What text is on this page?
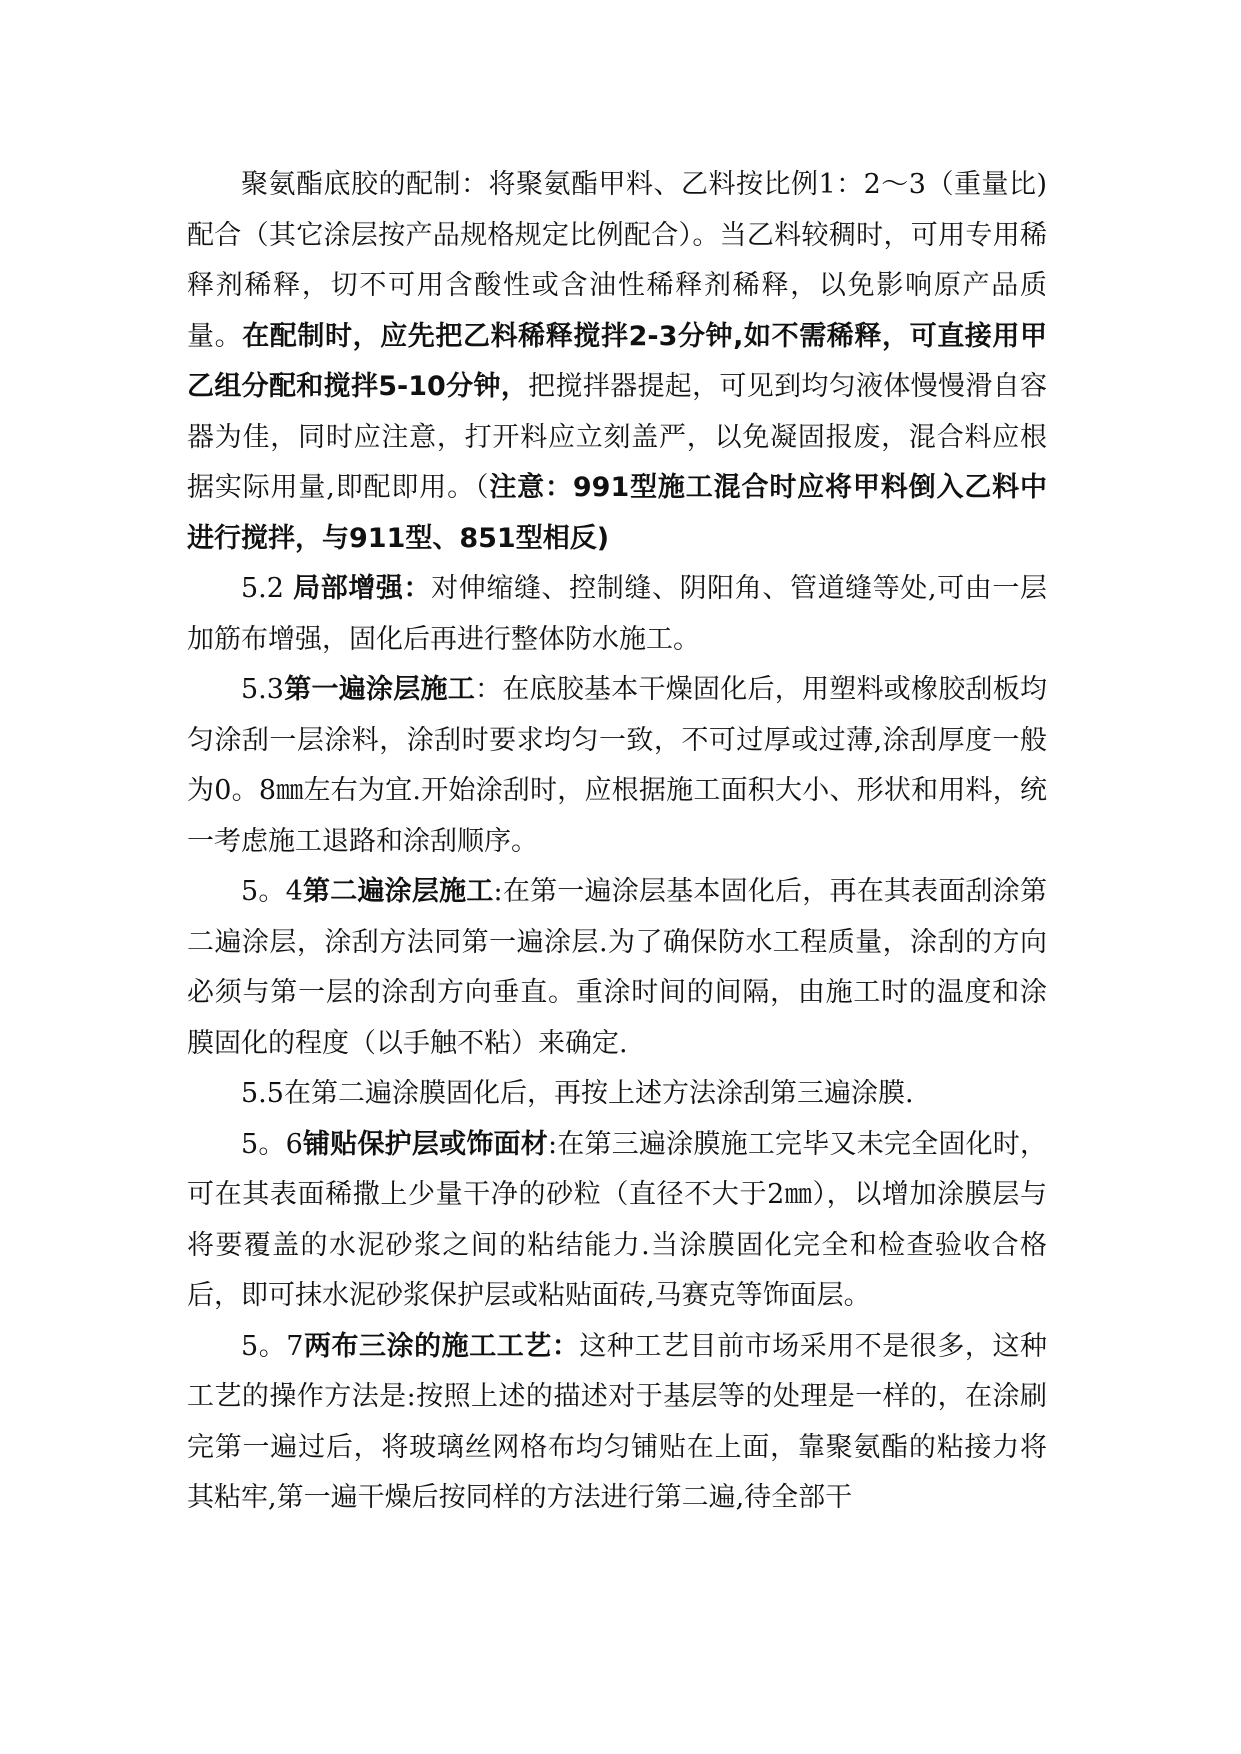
聚氨酯底胶的配制：将聚氨酯甲料、乙料按比例1：2～3（重量比)配合（其它涂层按产品规格规定比例配合）。当乙料较稠时，可用专用稀释剂稀释，切不可用含酸性或含油性稀释剂稀释，以免影响原产品质量。在配制时，应先把乙料稀释搅拌2-3分钟,如不需稀释，可直接用甲乙组分配和搅拌5-10分钟，把搅拌器提起，可见到均匀液体慢慢滑自容器为佳，同时应注意，打开料应立刻盖严，以免凝固报废，混合料应根据实际用量,即配即用。（注意：991型施工混合时应将甲料倒入乙料中进行搅拌，与911型、851型相反)

5.2 局部增强：对伸缩缝、控制缝、阴阳角、管道缝等处,可由一层加筋布增强，固化后再进行整体防水施工。

5.3第一遍涂层施工：在底胶基本干燥固化后，用塑料或橡胶刮板均匀涂刮一层涂料，涂刮时要求均匀一致，不可过厚或过薄,涂刮厚度一般为0。8㎜左右为宜.开始涂刮时，应根据施工面积大小、形状和用料，统一考虑施工退路和涂刮顺序。

5。4第二遍涂层施工:在第一遍涂层基本固化后，再在其表面刮涂第二遍涂层，涂刮方法同第一遍涂层.为了确保防水工程质量，涂刮的方向必须与第一层的涂刮方向垂直。重涂时间的间隔，由施工时的温度和涂膜固化的程度（以手触不粘）来确定.

5.5在第二遍涂膜固化后，再按上述方法涂刮第三遍涂膜.

5。6铺贴保护层或饰面材:在第三遍涂膜施工完毕又未完全固化时，可在其表面稀撒上少量干净的砂粒（直径不大于2㎜），以增加涂膜层与将要覆盖的水泥砂浆之间的粘结能力.当涂膜固化完全和检查验收合格后，即可抹水泥砂浆保护层或粘贴面砖,马赛克等饰面层。

5。7两布三涂的施工工艺：这种工艺目前市场采用不是很多，这种工艺的操作方法是:按照上述的描述对于基层等的处理是一样的，在涂刷完第一遍过后，将玻璃丝网格布均匀铺贴在上面，靠聚氨酯的粘接力将其粘牢,第一遍干燥后按同样的方法进行第二遍,待全部干
